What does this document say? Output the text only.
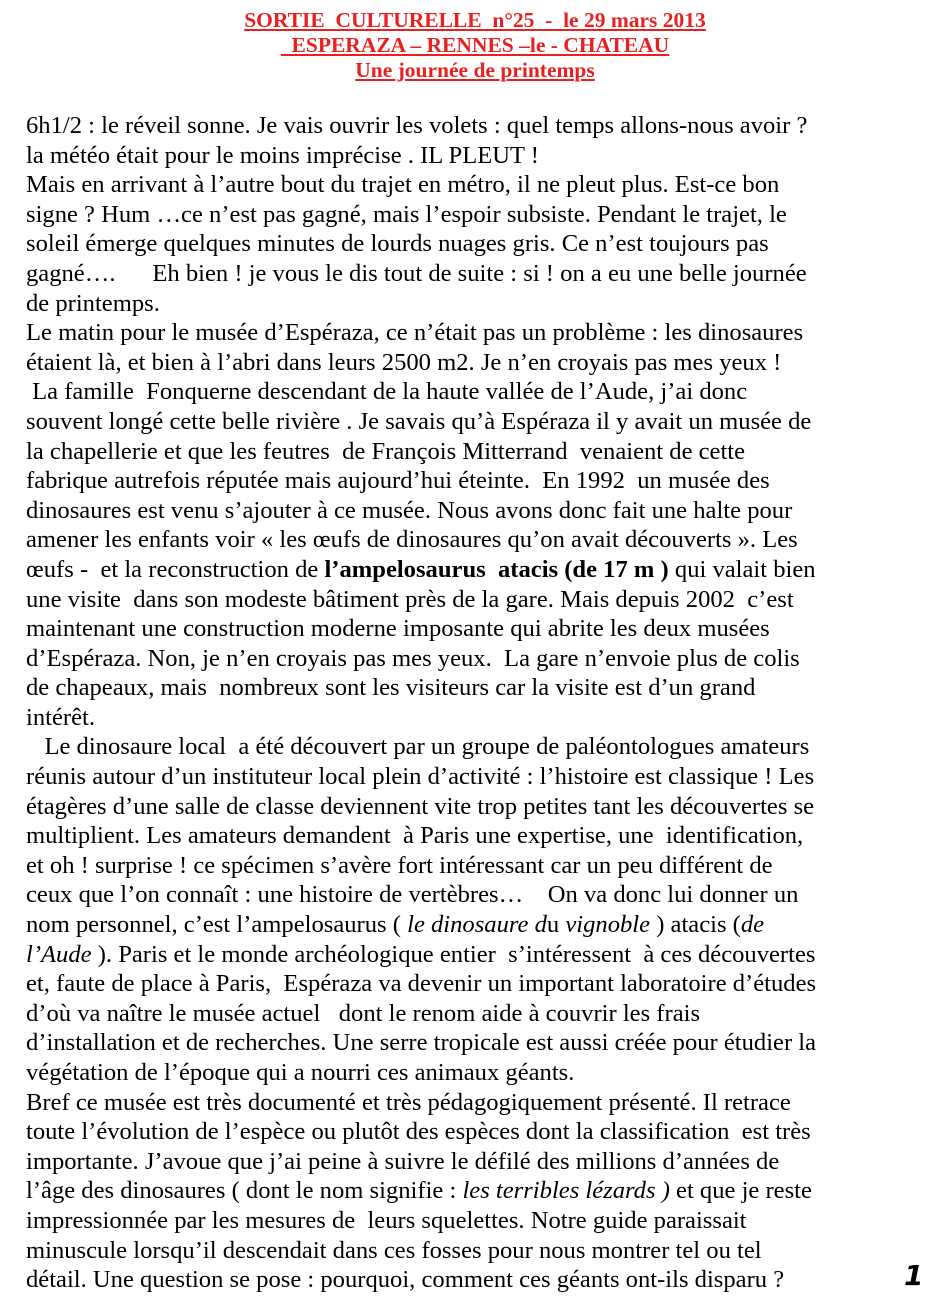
SORTIE  CULTURELLE  n°25  -  le 29 mars 2013
ESPERAZA – RENNES –le - CHATEAU
Une journée de printemps
6h1/2 : le réveil sonne. Je vais ouvrir les volets : quel temps allons-nous avoir ?
la météo était pour le moins imprécise . IL PLEUT !
Mais en arrivant à l’autre bout du trajet en métro, il ne pleut plus. Est-ce bon
signe ? Hum …ce n’est pas gagné, mais l’espoir subsiste. Pendant le trajet, le
soleil émerge quelques minutes de lourds nuages gris. Ce n’est toujours pas
gagné….      Eh bien ! je vous le dis tout de suite : si ! on a eu une belle journée
de printemps.
Le matin pour le musée d’Espéraza, ce n’était pas un problème : les dinosaures
étaient là, et bien à l’abri dans leurs 2500 m2. Je n’en croyais pas mes yeux !
La famille  Fonquerne descendant de la haute vallée de l’Aude, j’ai donc
souvent longé cette belle rivière . Je savais qu’à Espéraza il y avait un musée de
la chapellerie et que les feutres  de François Mitterrand  venaient de cette
fabrique autrefois réputée mais aujourd’hui éteinte.  En 1992  un musée des
dinosaures est venu s’ajouter à ce musée. Nous avons donc fait une halte pour
amener les enfants voir « les œufs de dinosaures qu’on avait découverts ». Les
œufs -  et la reconstruction de l’ampelosaurus  atacis (de 17 m ) qui valait bien
une visite  dans son modeste bâtiment près de la gare. Mais depuis 2002  c’est
maintenant une construction moderne imposante qui abrite les deux musées
d’Espéraza. Non, je n’en croyais pas mes yeux.  La gare n’envoie plus de colis
de chapeaux, mais  nombreux sont les visiteurs car la visite est d’un grand
intérêt.
Le dinosaure local  a été découvert par un groupe de paléontologues amateurs
réunis autour d’un instituteur local plein d’activité : l’histoire est classique ! Les
étagères d’une salle de classe deviennent vite trop petites tant les découvertes se
multiplient. Les amateurs demandent  à Paris une expertise, une  identification,
et oh ! surprise ! ce spécimen s’avère fort intéressant car un peu différent de
ceux que l’on connaît : une histoire de vertèbres…    On va donc lui donner un
nom personnel, c’est l’ampelosaurus ( le dinosaure du vignoble ) atacis (de
l’Aude ). Paris et le monde archéologique entier  s’intéressent  à ces découvertes
et, faute de place à Paris,  Espéraza va devenir un important laboratoire d’études
d’où va naître le musée actuel   dont le renom aide à couvrir les frais
d’installation et de recherches. Une serre tropicale est aussi créée pour étudier la
végétation de l’époque qui a nourri ces animaux géants.
Bref ce musée est très documenté et très pédagogiquement présenté. Il retrace
toute l’évolution de l’espèce ou plutôt des espèces dont la classification  est très
importante. J’avoue que j’ai peine à suivre le défilé des millions d’années de
l’âge des dinosaures ( dont le nom signifie : les terribles lézards ) et que je reste
impressionnée par les mesures de  leurs squelettes. Notre guide paraissait
minuscule lorsqu’il descendait dans ces fosses pour nous montrer tel ou tel
détail. Une question se pose : pourquoi, comment ces géants ont-ils disparu ?	1
